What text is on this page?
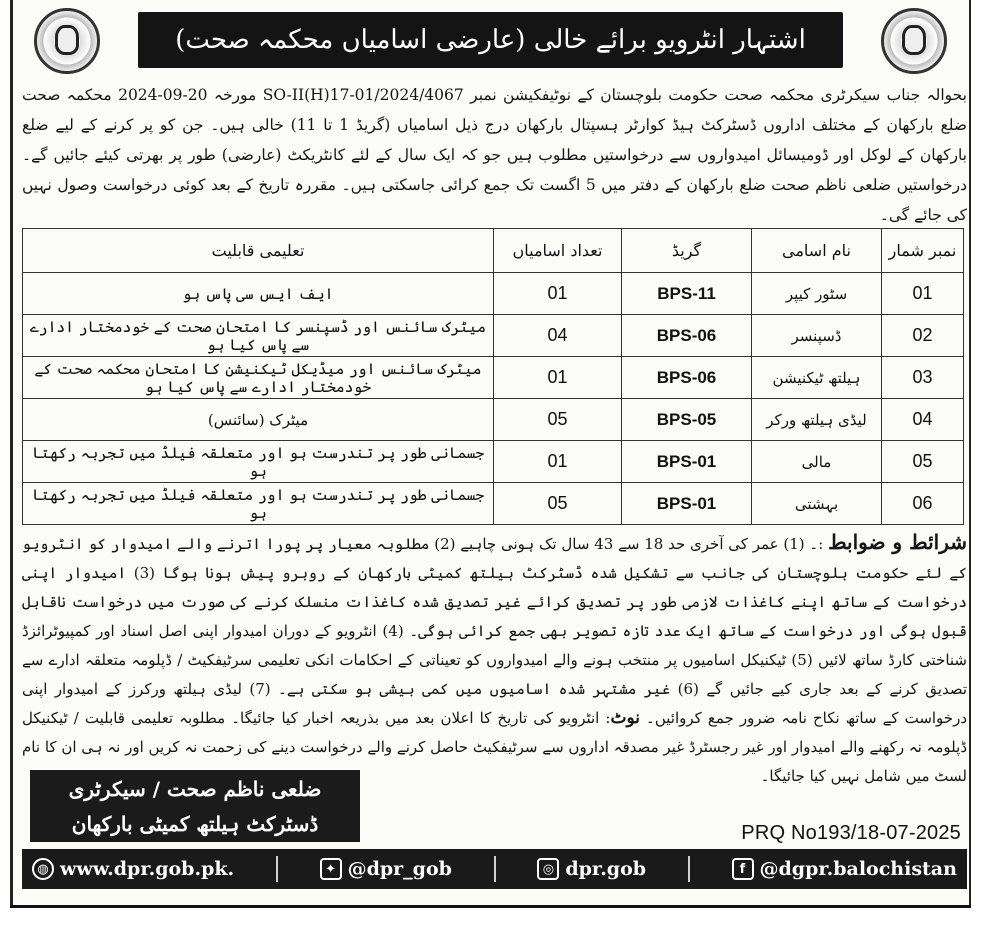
اشتہار انٹرویو برائے خالی (عارضی اسامیاں محکمہ صحت)
بحوالہ جناب سیکرٹری محکمہ صحت حکومت بلوچستان کے نوٹیفکیشن نمبر SO-II(H)17-01/2024/4067 مورخہ 20-09-2024 محکمہ صحت ضلع بارکھان کے مختلف اداروں ڈسٹرکٹ ہیڈ کوارٹر ہسپتال بارکھان درج ذیل اسامیاں (گریڈ 1 تا 11) خالی ہیں۔ جن کو پر کرنے کے لیے ضلع بارکھان کے لوکل اور ڈومیسائل امیدواروں سے درخواستیں مطلوب ہیں جو کہ ایک سال کے لئے کانٹریکٹ (عارضی) طور پر بھرتی کیئے جائیں گے۔ درخواستیں ضلعی ناظم صحت ضلع بارکھان کے دفتر میں 5 اگست تک جمع کرائی جاسکتی ہیں۔ مقررہ تاریخ کے بعد کوئی درخواست وصول نہیں کی جائے گی۔
نمبر شمار	نام اسامی	گریڈ	تعداد اسامیاں	تعلیمی قابلیت
01	سٹور کیپر	BPS-11	01	ایف ایس سی پاس ہو
02	ڈسپنسر	BPS-06	04	میٹرک سائنس اور ڈسپنسر کا امتحان صحت کے خودمختار ادارے سے پاس کیا ہو
03	ہیلتھ ٹیکنیشن	BPS-06	01	میٹرک سائنس اور میڈیکل ٹیکنیشن کا امتحان محکمہ صحت کے خودمختار ادارے سے پاس کیا ہو
04	لیڈی ہیلتھ ورکر	BPS-05	05	میٹرک (سائنس)
05	مالی	BPS-01	01	جسمانی طور پر تندرست ہو اور متعلقہ فیلڈ میں تجربہ رکھتا ہو
06	بہشتی	BPS-01	05	جسمانی طور پر تندرست ہو اور متعلقہ فیلڈ میں تجربہ رکھتا ہو
شرائط و ضوابط :۔ (1) عمر کی آخری حد 18 سے 43 سال تک ہونی چاہیے (2) مطلوبہ معیار پر پورا اترنے والے امیدوار کو انٹرویو کے لئے حکومت بلوچستان کی جانب سے تشکیل شدہ ڈسٹرکٹ ہیلتھ کمیٹی بارکھان کے روبرو پیش ہونا ہوگا (3) امیدوار اپنی درخواست کے ساتھ اپنے کاغذات لازمی طور پر تصدیق کرائے غیر تصدیق شدہ کاغذات منسلک کرنے کی صورت میں درخواست ناقابل قبول ہوگی اور درخواست کے ساتھ ایک عدد تازہ تصویر بھی جمع کرائی ہوگی۔ (4) انٹرویو کے دوران امیدوار اپنی اصل اسناد اور کمپیوٹرائزڈ شناختی کارڈ ساتھ لائیں (5) ٹیکنیکل اسامیوں پر منتخب ہونے والے امیدواروں کو تعیناتی کے احکامات انکی تعلیمی سرٹیفکیٹ / ڈپلومہ متعلقہ ادارے سے تصدیق کرنے کے بعد جاری کیے جائیں گے (6) غیر مشتہر شدہ اسامیوں میں کمی بیشی ہو سکتی ہے۔ (7) لیڈی ہیلتھ ورکرز کے امیدوار اپنی درخواست کے ساتھ نکاح نامہ ضرور جمع کروائیں۔ نوٹ: انٹرویو کی تاریخ کا اعلان بعد میں بذریعہ اخبار کیا جائیگا۔ مطلوبہ تعلیمی قابلیت / ٹیکنیکل ڈپلومہ نہ رکھنے والے امیدوار اور غیر رجسٹرڈ غیر مصدقہ اداروں سے سرٹیفکیٹ حاصل کرنے والے درخواست دینے کی زحمت نہ کریں اور نہ ہی ان کا نام لسٹ میں شامل نہیں کیا جائیگا۔
ضلعی ناظم صحت / سیکرٹری
ڈسٹرکٹ ہیلتھ کمیٹی بارکھان	PRQ No193/18-07-2025
◍ www.dpr.gob.pk.	✦ @dpr_gob	◎ dpr.gob	f @dgpr.balochistan
